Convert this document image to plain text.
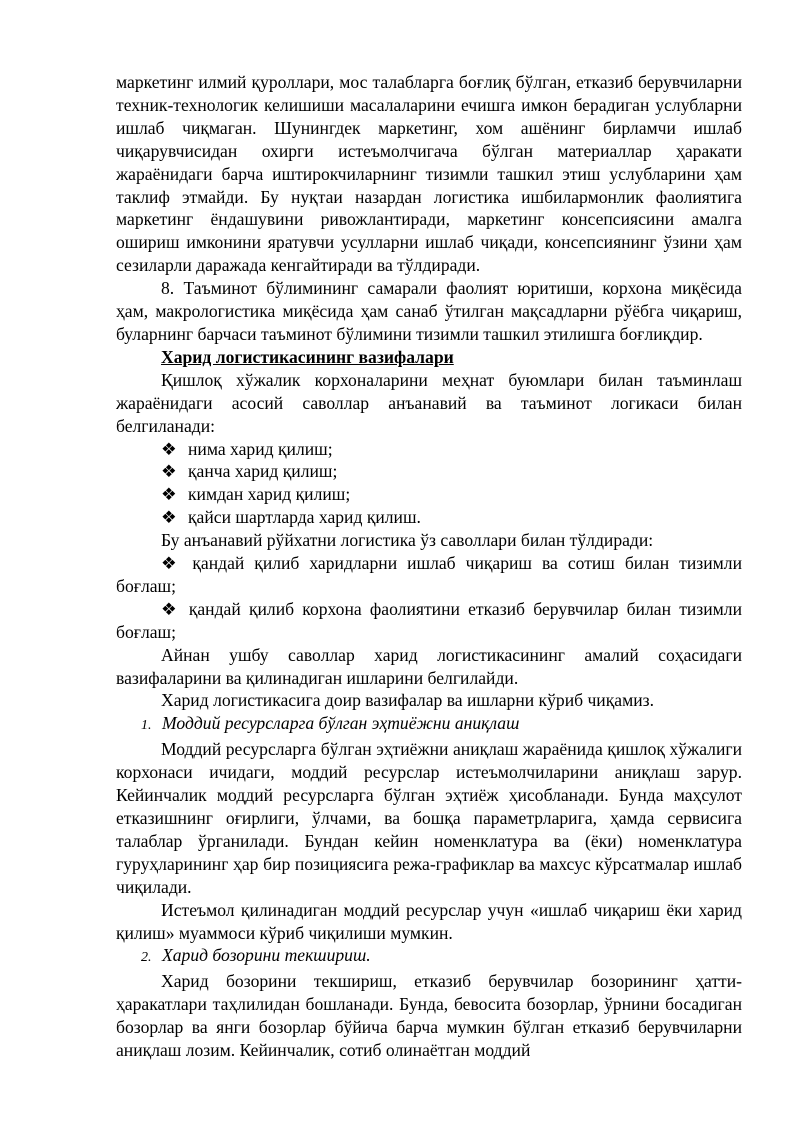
маркетинг илмий қуроллари, мос талабларга боғлиқ бўлган, етказиб берувчиларни техник-технологик келишиши масалаларини ечишга имкон берадиган услубларни ишлаб чиқмаган. Шунингдек маркетинг, хом ашёнинг бирламчи ишлаб чиқарувчисидан охирги истеъмолчигача бўлган материаллар ҳаракати жараёнидаги барча иштирокчиларнинг тизимли ташкил этиш услубларини ҳам таклиф этмайди. Бу нуқтаи назардан логистика ишбилармонлик фаолиятига маркетинг ёндашувини ривожлантиради, маркетинг консепсиясини амалга ошириш имконини яратувчи усулларни ишлаб чиқади, консепсиянинг ўзини ҳам сезиларли даражада кенгайтиради ва тўлдиради.

8. Таъминот бўлимининг самарали фаолият юритиши, корхона миқёсида ҳам, макрологистика миқёсида ҳам санаб ўтилган мақсадларни рўёбга чиқариш, буларнинг барчаси таъминот бўлимини тизимли ташкил этилишга боғлиқдир.

Харид логистикасининг вазифалари

Қишлоқ хўжалик корхоналарини меҳнат буюмлари билан таъминлаш жараёнидаги асосий саволлар анъанавий ва таъминот логикаси билан белгиланади:

❖ нима харид қилиш;
❖ қанча харид қилиш;
❖ кимдан харид қилиш;
❖ қайси шартларда харид қилиш.

Бу анъанавий рўйхатни логистика ўз саволлари билан тўлдиради:

❖ қандай қилиб харидларни ишлаб чиқариш ва сотиш билан тизимли боғлаш;

❖ қандай қилиб корхона фаолиятини етказиб берувчилар билан тизимли боғлаш;

Айнан ушбу саволлар харид логистикасининг амалий соҳасидаги вазифаларини ва қилинадиган ишларини белгилайди.

Харид логистикасига доир вазифалар ва ишларни кўриб чиқамиз.

1. Моддий ресурсларга бўлган эҳтиёжни аниқлаш

Моддий ресурсларга бўлган эҳтиёжни аниқлаш жараёнида қишлоқ хўжалиги корхонаси ичидаги, моддий ресурслар истеъмолчиларини аниқлаш зарур. Кейинчалик моддий ресурсларга бўлган эҳтиёж ҳисобланади. Бунда маҳсулот етказишнинг оғирлиги, ўлчами, ва бошқа параметрларига, ҳамда сервисига талаблар ўрганилади. Бундан кейин номенклатура ва (ёки) номенклатура гуруҳларининг ҳар бир позициясига режа-графиклар ва махсус кўрсатмалар ишлаб чиқилади.

Истеъмол қилинадиган моддий ресурслар учун «ишлаб чиқариш ёки харид қилиш» муаммоси кўриб чиқилиши мумкин.

2. Харид бозорини текшириш.

Харид бозорини текшириш, етказиб берувчилар бозорининг ҳатти-ҳаракатлари таҳлилидан бошланади. Бунда, бевосита бозорлар, ўрнини босадиган бозорлар ва янги бозорлар бўйича барча мумкин бўлган етказиб берувчиларни аниқлаш лозим. Кейинчалик, сотиб олинаётган моддий
